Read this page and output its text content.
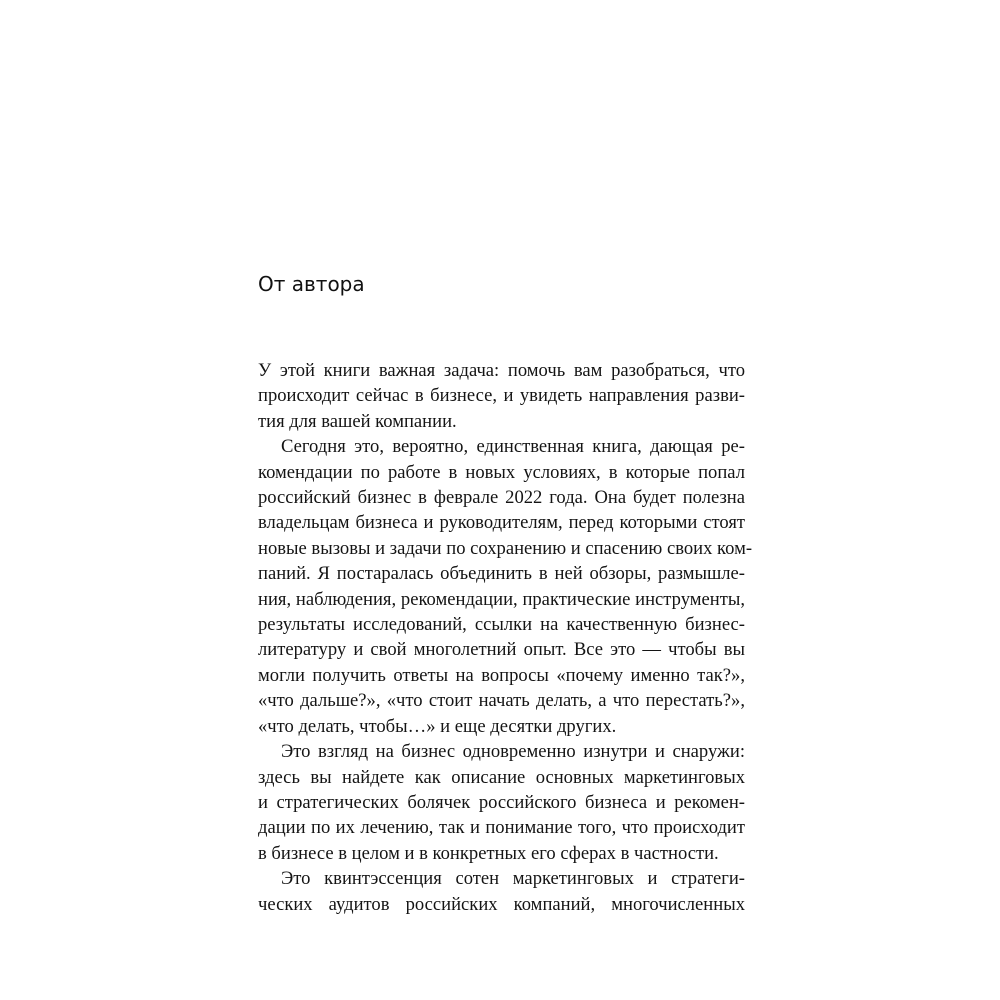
От автора

У этой книги важная задача: помочь вам разобраться, что
происходит сейчас в бизнесе, и увидеть направления разви-
тия для вашей компании.

Сегодня это, вероятно, единственная книга, дающая ре-
комендации по работе в новых условиях, в которые попал
российский бизнес в феврале 2022 года. Она будет полезна
владельцам бизнеса и руководителям, перед которыми стоят
новые вызовы и задачи по сохранению и спасению своих ком-
паний. Я постаралась объединить в ней обзоры, размышле-
ния, наблюдения, рекомендации, практические инструменты,
результаты исследований, ссылки на качественную бизнес-
литературу и свой многолетний опыт. Все это — чтобы вы
могли получить ответы на вопросы «почему именно так?»,
«что дальше?», «что стоит начать делать, а что перестать?»,
«что делать, чтобы…» и еще десятки других.

Это взгляд на бизнес одновременно изнутри и снаружи:
здесь вы найдете как описание основных маркетинговых
и стратегических болячек российского бизнеса и рекомен-
дации по их лечению, так и понимание того, что происходит
в бизнесе в целом и в конкретных его сферах в частности.

Это квинтэссенция сотен маркетинговых и стратеги-
ческих аудитов российских компаний, многочисленных
